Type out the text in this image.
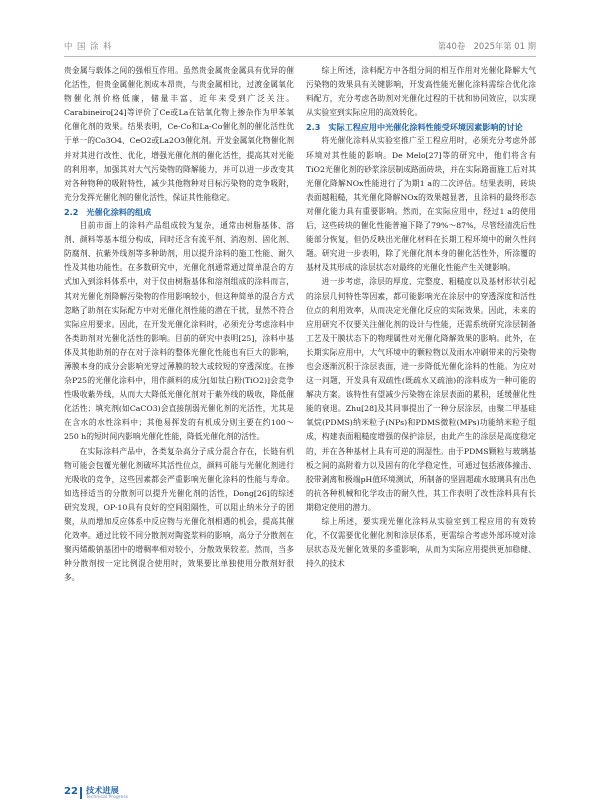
中 国 涂 料	第40卷　2025年第 01 期

贵金属与载体之间的强相互作用。虽然贵金属贵金属具有优异的催化活性，但贵金属催化剂成本昂贵，与贵金属相比，过渡金属氧化物催化剂价格低廉，储量丰富，近年来受到广泛关注。Carabineiro[24]等评价了Ce或La在钴氧化物上掺杂作为甲苯氧化催化剂的效果。结果表明，Ce-Co和La-Co催化剂的催化活性优于单一的Co3O4、CeO2或La2O3催化剂。开发金属氧化物催化剂并对其进行改性、优化，增强光催化剂的催化活性，提高其对光能的利用率，加强其对大气污染物的降解能力，并可以进一步改变其对各种物种的吸附特性，减少其他物种对目标污染物的竞争吸附，充分发挥光催化剂的催化活性，保证其性能稳定。

2.2　光催化涂料的组成

目前市面上的涂料产品组成较为复杂，通常由树脂基体、溶剂、颜料等基本组分构成，同时还含有流平剂、消泡剂、固化剂、防腐剂、抗紫外线剂等多种助剂，用以提升涂料的施工性能、耐久性及其他功能性。在多数研究中，光催化剂通常通过简单混合的方式加入到涂料体系中，对于仅由树脂基体和溶剂组成的涂料而言，其对光催化剂降解污染物的作用影响较小，但这种简单的混合方式忽略了助剂在实际配方中对光催化剂性能的潜在干扰，显然不符合实际应用要求。因此，在开发光催化涂料时，必须充分考虑涂料中各类助剂对光催化活性的影响。目前的研究中表明[25]，涂料中基体及其他助剂的存在对于涂料的整体光催化性能也有巨大的影响，薄膜本身的成分会影响光穿过薄膜的较大或较短的穿透深度。在掺杂P25的光催化涂料中，用作颜料的成分[如钛白粉(TiO2)]会竞争性吸收紫外线，从而大大降低光催化剂对于紫外线的吸收，降低催化活性；填充剂(如CaCO3)会直接削弱光催化剂的光活性，尤其是在含水的水性涂料中；其他易挥发的有机成分则主要在约100～250 h的短时间内影响光催化性能，降低光催化剂的活性。

在实际涂料产品中，各类复杂高分子成分混合存在，长链有机物可能会包覆光催化剂破坏其活性位点，颜料可能与光催化剂进行光吸收的竞争，这些因素都会严重影响光催化涂料的性能与寿命。如选择适当的分散剂可以提升光催化剂的活性，Dong[26]的综述研究发现，OP-10具有良好的空间阻隔性，可以阻止纳米分子的团聚，从而增加反应体系中反应物与光催化剂相遇的机会，提高其催化效率。通过比较不同分散剂对陶瓷浆料的影响，高分子分散剂在聚丙烯酸钠基团中的增稠率相对较小，分散效果较差。然而，当多种分散剂按一定比例混合使用时，效果要比单独使用分散剂好很多。

综上所述，涂料配方中各组分间的相互作用对光催化降解大气污染物的效果具有关键影响，开发高性能光催化涂料需综合优化涂料配方，充分考虑各助剂对光催化过程的干扰和协同效应，以实现从实验室到实际应用的高效转化。

2.3　实际工程应用中光催化涂料性能受环境因素影响的讨论

将光催化涂料从实验室推广至工程应用时，必须充分考虑外部环境对其性能的影响。De Melo[27]等的研究中，他们将含有TiO2光催化剂的砂浆涂层制成路面砖块，并在实际路面施工后对其光催化降解NOx性能进行了为期1 a的二次评估。结果表明，砖块表面越粗糙，其光催化降解NOx的效果越显著，且涂料的最终形态对催化能力具有重要影响。然而，在实际应用中，经过1 a的使用后，这些砖块的催化性能普遍下降了79%～87%，尽管经清洗后性能部分恢复，但仍反映出光催化材料在长期工程环境中的耐久性问题。研究进一步表明，除了光催化剂本身的催化活性外，所涂覆的基材及其形成的涂层状态对最终的光催化性能产生关键影响。

进一步考虑，涂层的厚度、完整度、粗糙度以及基材形状引起的涂层几何特性等因素，都可能影响光在涂层中的穿透深度和活性位点的利用效率，从而决定光催化反应的实际效果。因此，未来的应用研究不仅要关注催化剂的设计与性能，还需系统研究涂层制备工艺及干膜状态下的物理属性对光催化降解效果的影响。此外，在长期实际应用中，大气环境中的颗粒物以及雨水冲刷带来的污染物也会逐渐沉积于涂层表面，进一步降低光催化涂料的性能。为应对这一问题，开发具有双疏性(既疏水又疏油)的涂料成为一种可能的解决方案。该特性有望减少污染物在涂层表面的累积，延缓催化性能的衰退。Zhu[28]及其同事提出了一种分层涂层，由聚二甲基硅氧烷(PDMS)纳米粒子(NPs)和PDMS微粒(MPs)功能纳米粒子组成，构建表面粗糙度增强的保护涂层，由此产生的涂层是高度稳定的，并在各种基材上具有可逆的润湿性。由于PDMS颗粒与玻璃基板之间的高附着力以及固有的化学稳定性，可通过包括液体撞击、胶带剥离和极端pH值环境测试，所制备的坚固超疏水玻璃具有出色的抗各种机械和化学攻击的耐久性，其工作表明了改性涂料具有长期稳定使用的潜力。

综上所述，要实现光催化涂料从实验室到工程应用的有效转化，不仅需要优化催化剂和涂层体系，更需综合考虑外部环境对涂层状态及光催化效果的多重影响，从而为实际应用提供更加稳健、持久的技术

22 技术进展
Technical Progress
